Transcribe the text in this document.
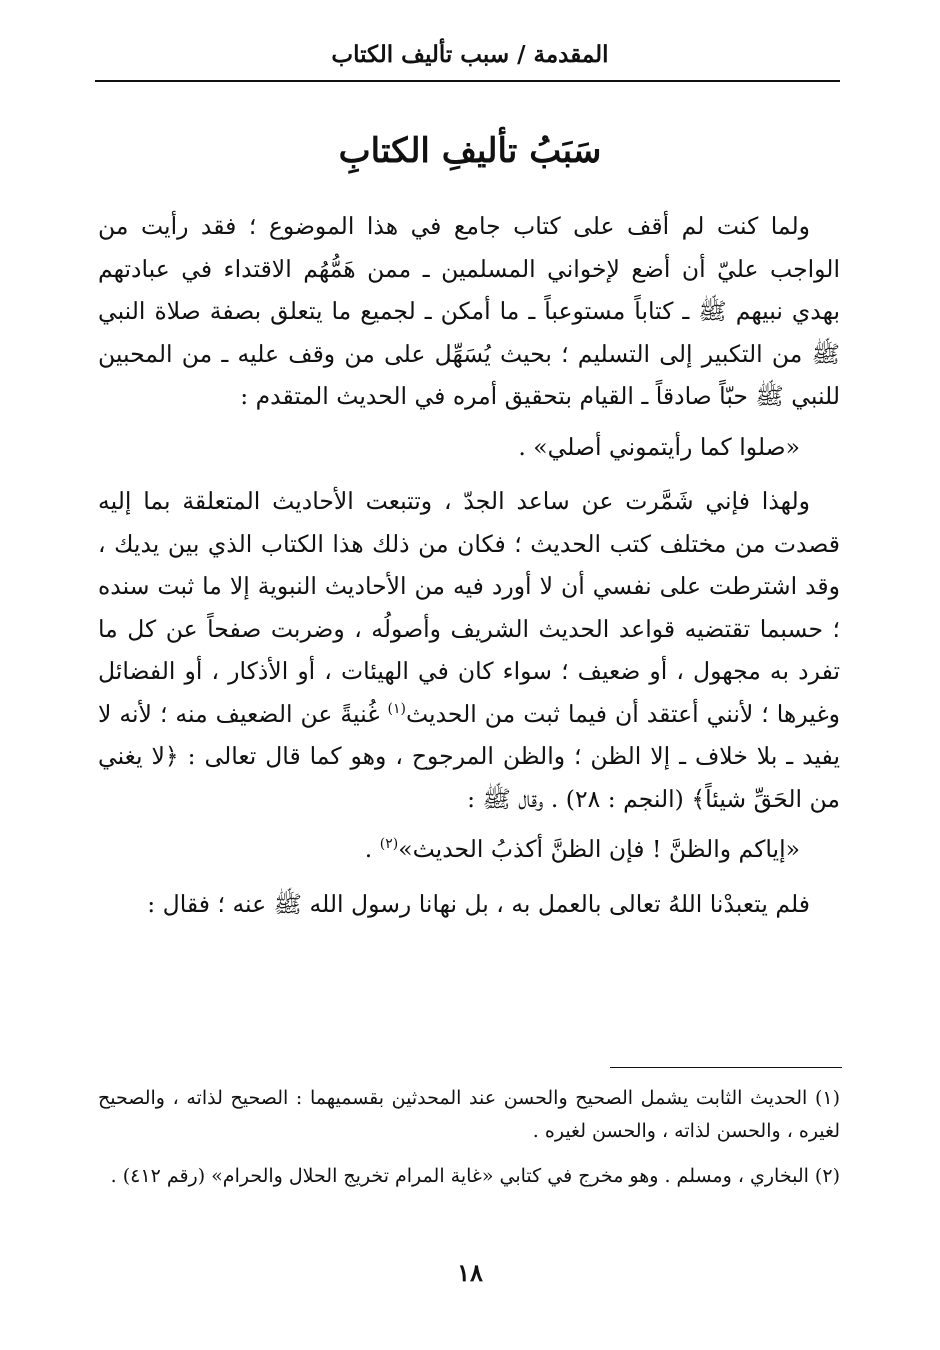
المقدمة / سبب تأليف الكتاب
سَبَبُ تأليفِ الكتابِ

ولما كنت لم أقف على كتاب جامع في هذا الموضوع ؛ فقد رأيت من الواجب عليّ أن أضع لإخواني المسلمين ـ ممن هَمُّهُم الاقتداء في عبادتهم بهدي نبيهم ﷺ ـ كتاباً مستوعباً ـ ما أمكن ـ لجميع ما يتعلق بصفة صلاة النبي ﷺ من التكبير إلى التسليم ؛ بحيث يُسَهِّل على من وقف عليه ـ من المحبين للنبي ﷺ حبّاً صادقاً ـ القيام بتحقيق أمره في الحديث المتقدم :

«صلوا كما رأيتموني أصلي» .

ولهذا فإني شَمَّرت عن ساعد الجدّ ، وتتبعت الأحاديث المتعلقة بما إليه قصدت من مختلف كتب الحديث ؛ فكان من ذلك هذا الكتاب الذي بين يديك ، وقد اشترطت على نفسي أن لا أورد فيه من الأحاديث النبوية إلا ما ثبت سنده ؛ حسبما تقتضيه قواعد الحديث الشريف وأصولُه ، وضربت صفحاً عن كل ما تفرد به مجهول ، أو ضعيف ؛ سواء كان في الهيئات ، أو الأذكار ، أو الفضائل وغيرها ؛ لأنني أعتقد أن فيما ثبت من الحديث$^{(١)}$ غُنيةً عن الضعيف منه ؛ لأنه لا يفيد ـ بلا خلاف ـ إلا الظن ؛ والظن المرجوح ، وهو كما قال تعالى : ﴿لا يغني من الحَقِّ شيئاً﴾ (النجم : ٢٨) . وقال ﷺ :

«إياكم والظنَّ ! فإن الظنَّ أكذبُ الحديث»$^{(٢)}$ .

فلم يتعبدْنا اللهُ تعالى بالعمل به ، بل نهانا رسول الله ﷺ عنه ؛ فقال :

(١) الحديث الثابت يشمل الصحيح والحسن عند المحدثين بقسميهما : الصحيح لذاته ، والصحيح لغيره ، والحسن لذاته ، والحسن لغيره .

(٢) البخاري ، ومسلم . وهو مخرج في كتابي «غاية المرام تخريج الحلال والحرام» (رقم ٤١٢) .

١٨
